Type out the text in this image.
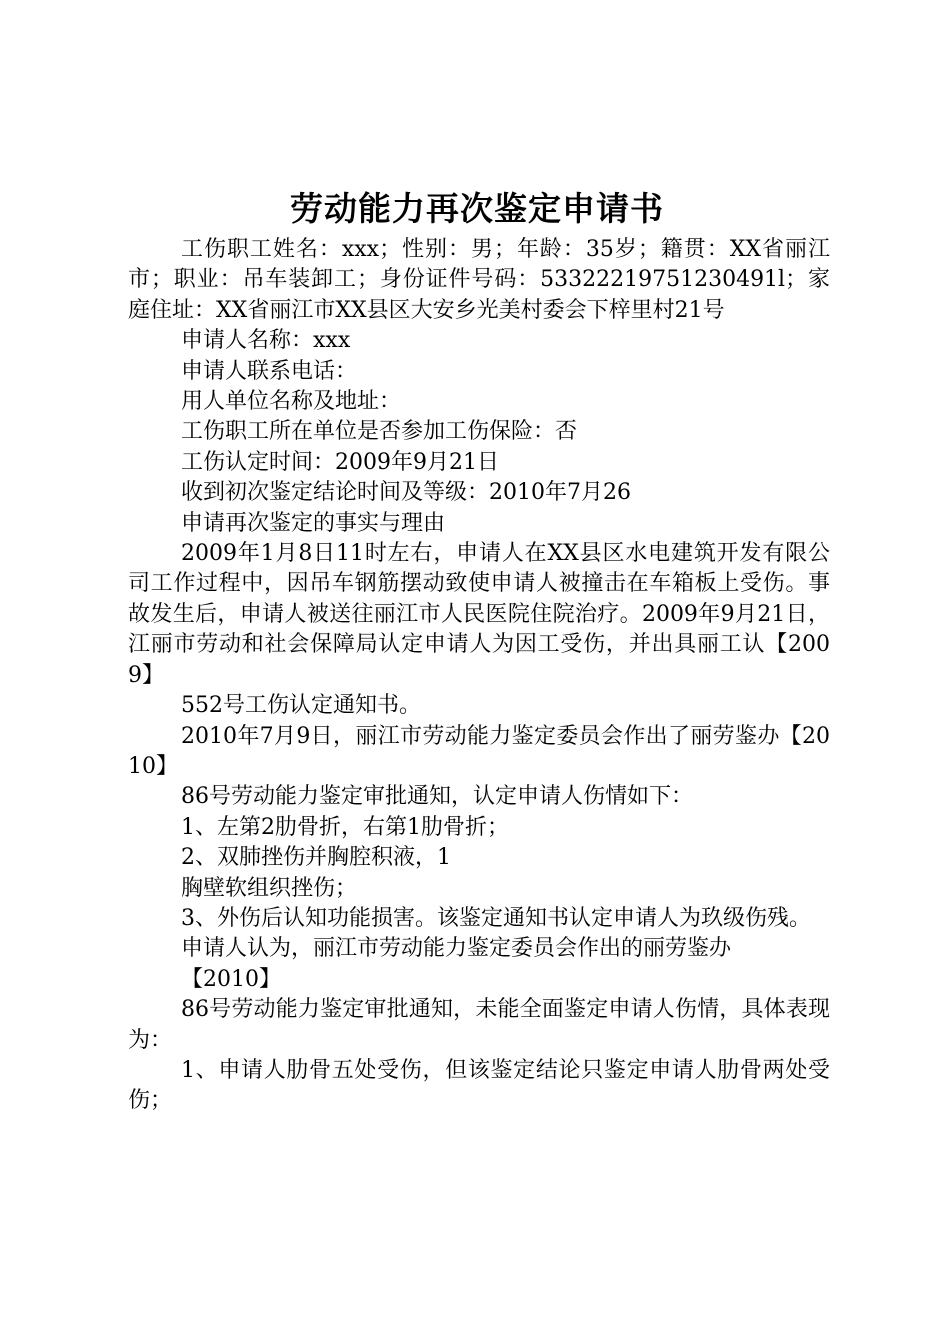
劳动能力再次鉴定申请书

工伤职工姓名：xxx；性别：男；年龄：35岁；籍贯：XX省丽江市；职业：吊车装卸工；身份证件号码：53322219751230491l；家庭住址：XX省丽江市XX县区大安乡光美村委会下梓里村21号

申请人名称：xxx

申请人联系电话：

用人单位名称及地址：

工伤职工所在单位是否参加工伤保险：否

工伤认定时间：2009年9月21日

收到初次鉴定结论时间及等级：2010年7月26

申请再次鉴定的事实与理由

2009年1月8日11时左右，申请人在XX县区水电建筑开发有限公司工作过程中，因吊车钢筋摆动致使申请人被撞击在车箱板上受伤。事故发生后，申请人被送往丽江市人民医院住院治疗。2009年9月21日，江丽市劳动和社会保障局认定申请人为因工受伤，并出具丽工认【2009】

552号工伤认定通知书。

2010年7月9日，丽江市劳动能力鉴定委员会作出了丽劳鉴办【2010】

86号劳动能力鉴定审批通知，认定申请人伤情如下：

1、左第2肋骨折，右第1肋骨折；

2、双肺挫伤并胸腔积液，1

胸壁软组织挫伤；

3、外伤后认知功能损害。该鉴定通知书认定申请人为玖级伤残。

申请人认为，丽江市劳动能力鉴定委员会作出的丽劳鉴办

【2010】

86号劳动能力鉴定审批通知，未能全面鉴定申请人伤情，具体表现为：

1、申请人肋骨五处受伤，但该鉴定结论只鉴定申请人肋骨两处受伤；
